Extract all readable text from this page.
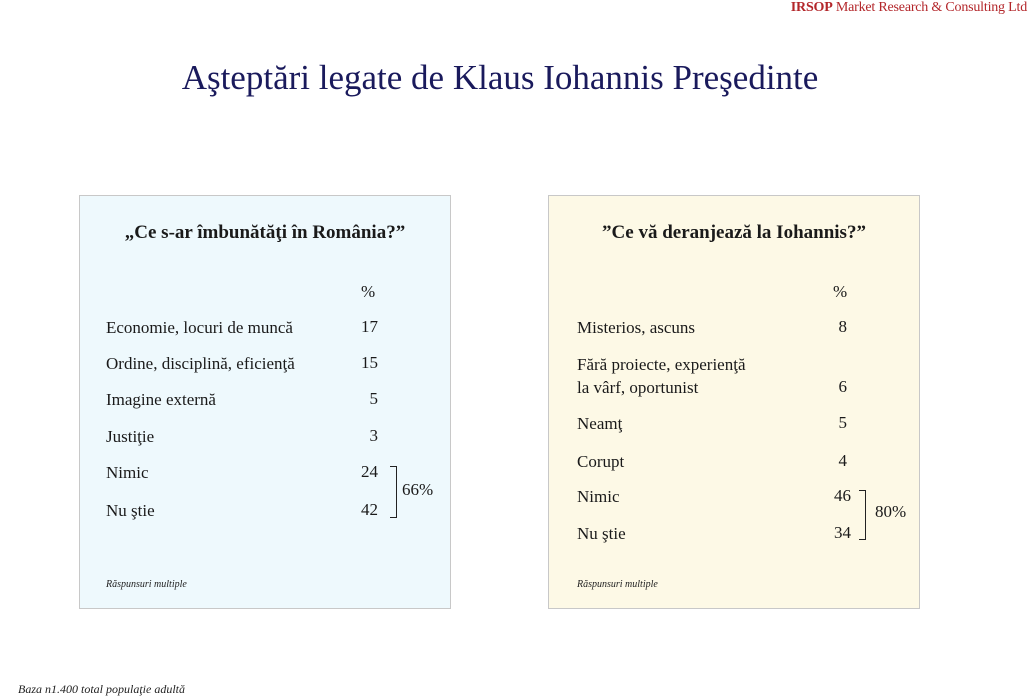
IRSOP Market Research & Consulting Ltd
Aşteptări legate de Klaus Iohannis Preşedinte
„Ce s-ar îmbunătăţi în România?”
%
Economie, locuri de muncă	17
Ordine, disciplină, eficienţă	15
Imagine externă	5
Justiţie	3
Nimic	24
Nu ştie	42
66%
Răspunsuri multiple
”Ce vă deranjează la Iohannis?”
%
Misterios, ascuns	8
Fără proiecte, experienţă
la vârf, oportunist	6
Neamţ	5
Corupt	4
Nimic	46
Nu ştie	34
80%
Răspunsuri multiple
Baza n1.400 total populaţie adultă
